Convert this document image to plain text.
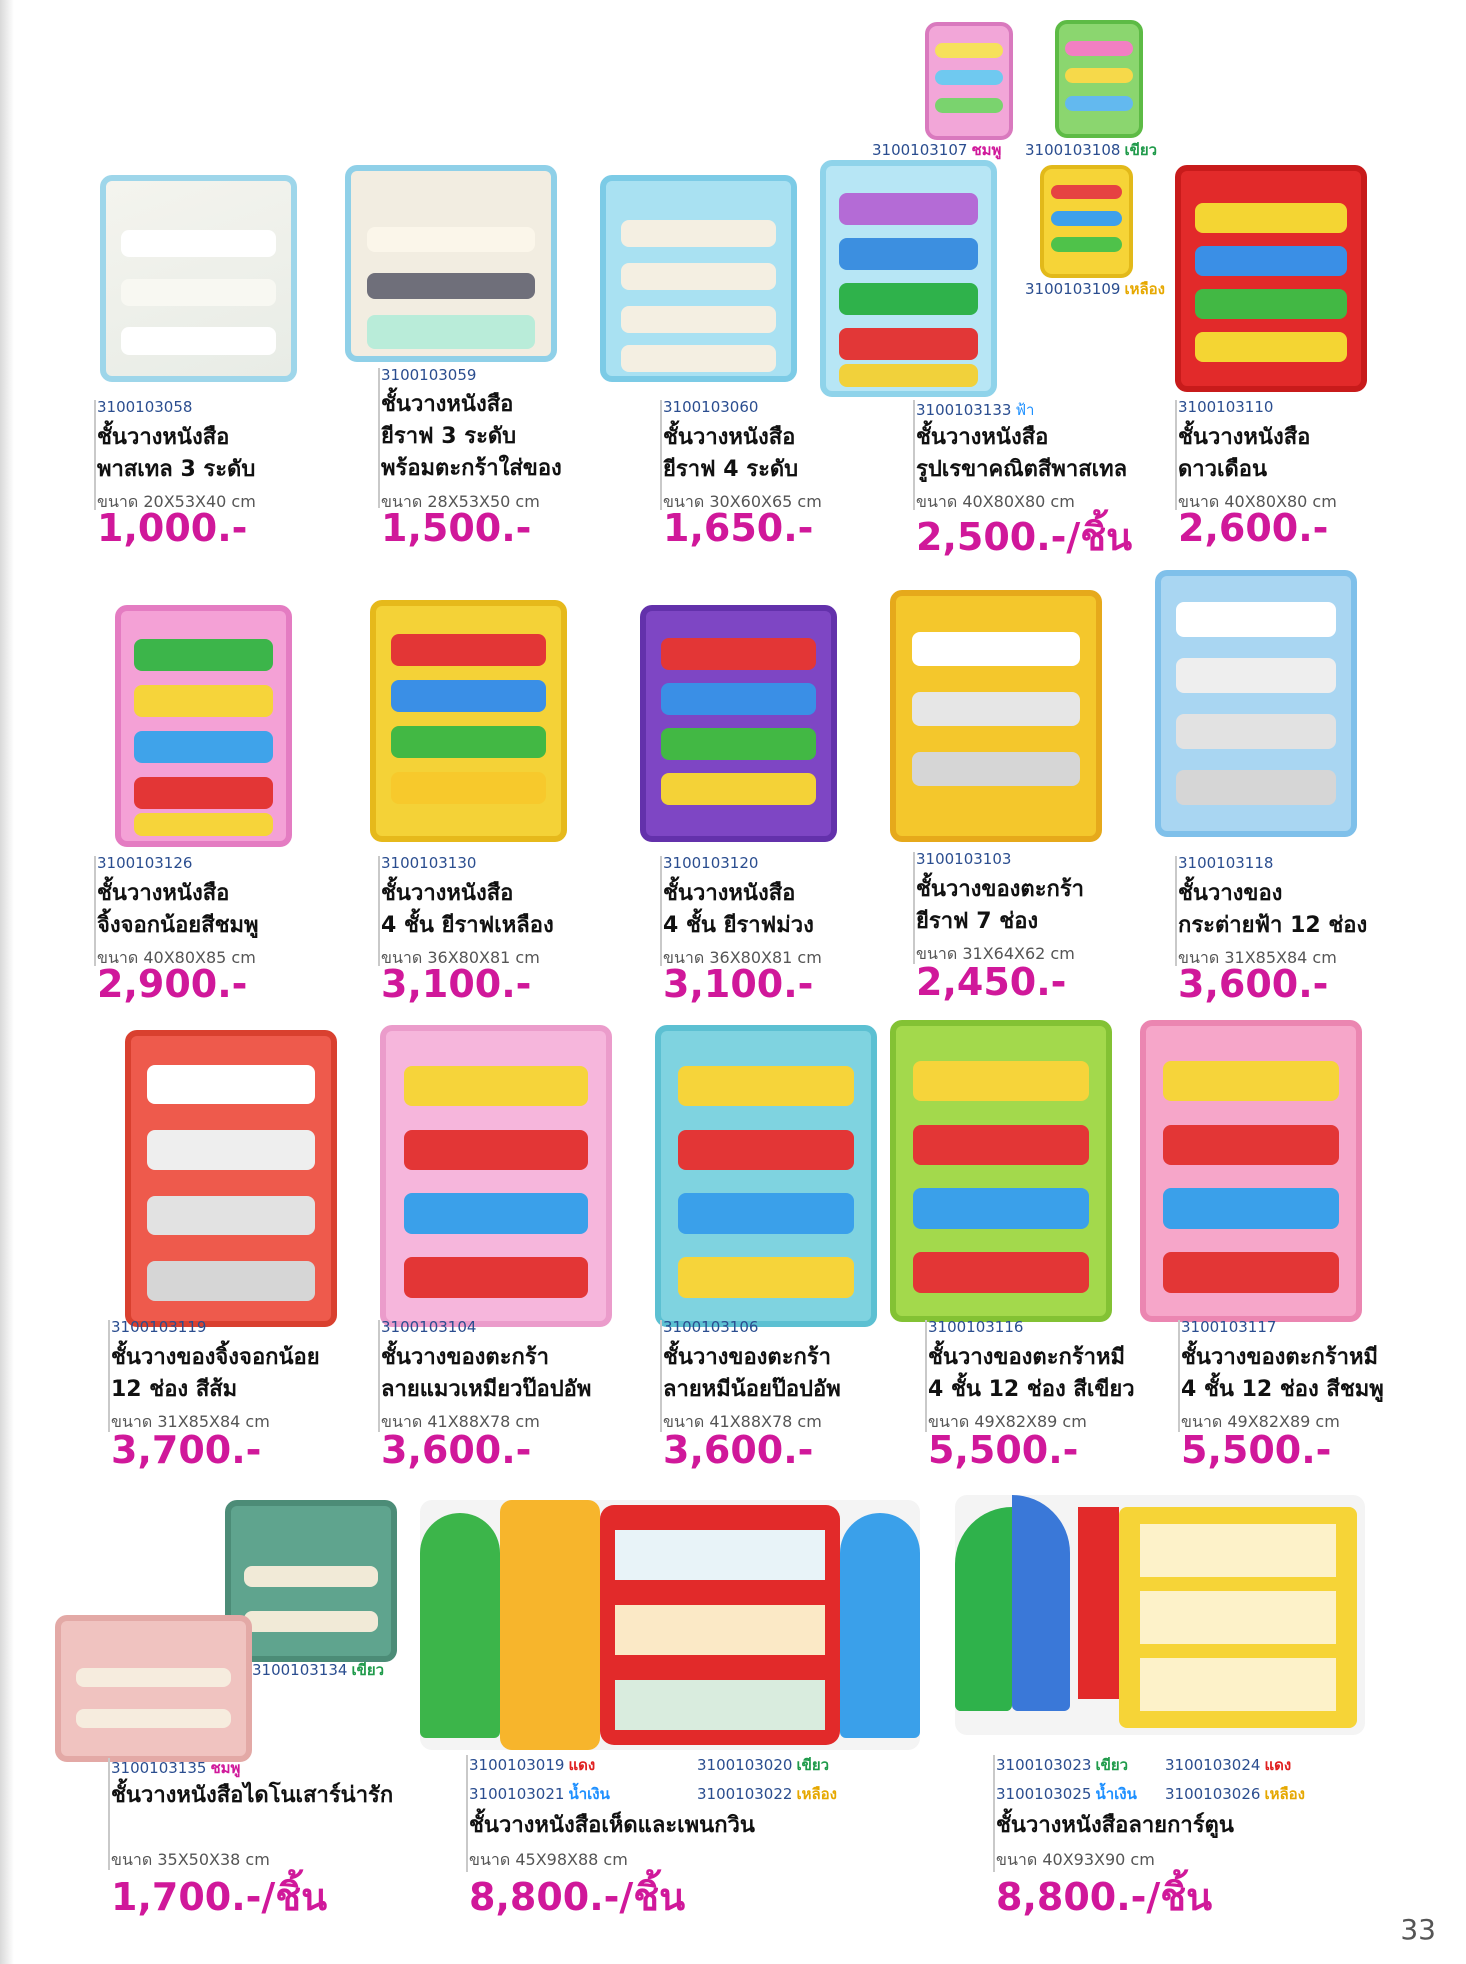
3100103107 ชมพู 3100103108 เขียว
3100103109 เหลือง
3100103058
ชั้นวางหนังสือ
พาสเทล 3 ระดับ
ขนาด 20X53X40 cm
1,000.-
3100103059
ชั้นวางหนังสือ
ยีราฟ 3 ระดับ
พร้อมตะกร้าใส่ของ
ขนาด 28X53X50 cm
1,500.-
3100103060
ชั้นวางหนังสือ
ยีราฟ 4 ระดับ
ขนาด 30X60X65 cm
1,650.-
3100103133 ฟ้า
ชั้นวางหนังสือ
รูปเรขาคณิตสีพาสเทล
ขนาด 40X80X80 cm
2,500.-/ชิ้น
3100103110
ชั้นวางหนังสือ
ดาวเดือน
ขนาด 40X80X80 cm
2,600.-
3100103126
ชั้นวางหนังสือ
จิ้งจอกน้อยสีชมพู
ขนาด 40X80X85 cm
2,900.-
3100103130
ชั้นวางหนังสือ
4 ชั้น ยีราฟเหลือง
ขนาด 36X80X81 cm
3,100.-
3100103120
ชั้นวางหนังสือ
4 ชั้น ยีราฟม่วง
ขนาด 36X80X81 cm
3,100.-
3100103103
ชั้นวางของตะกร้า
ยีราฟ 7 ช่อง
ขนาด 31X64X62 cm
2,450.-
3100103118
ชั้นวางของ
กระต่ายฟ้า 12 ช่อง
ขนาด 31X85X84 cm
3,600.-
3100103119
ชั้นวางของจิ้งจอกน้อย
12 ช่อง สีส้ม
ขนาด 31X85X84 cm
3,700.-
3100103104
ชั้นวางของตะกร้า
ลายแมวเหมียวป๊อปอัพ
ขนาด 41X88X78 cm
3,600.-
3100103106
ชั้นวางของตะกร้า
ลายหมีน้อยป๊อปอัพ
ขนาด 41X88X78 cm
3,600.-
3100103116
ชั้นวางของตะกร้าหมี
4 ชั้น 12 ช่อง สีเขียว
ขนาด 49X82X89 cm
5,500.-
3100103117
ชั้นวางของตะกร้าหมี
4 ชั้น 12 ช่อง สีชมพู
ขนาด 49X82X89 cm
5,500.-
3100103134 เขียว
3100103135 ชมพู
ชั้นวางหนังสือไดโนเสาร์น่ารัก
ขนาด 35X50X38 cm
1,700.-/ชิ้น
3100103019 แดง	3100103020 เขียว
3100103021 น้ำเงิน	3100103022 เหลือง
ชั้นวางหนังสือเห็ดและเพนกวิน
ขนาด 45X98X88 cm
8,800.-/ชิ้น
3100103023 เขียว 3100103024 แดง
3100103025 น้ำเงิน 3100103026 เหลือง
ชั้นวางหนังสือลายการ์ตูน
ขนาด 40X93X90 cm
8,800.-/ชิ้น
33
